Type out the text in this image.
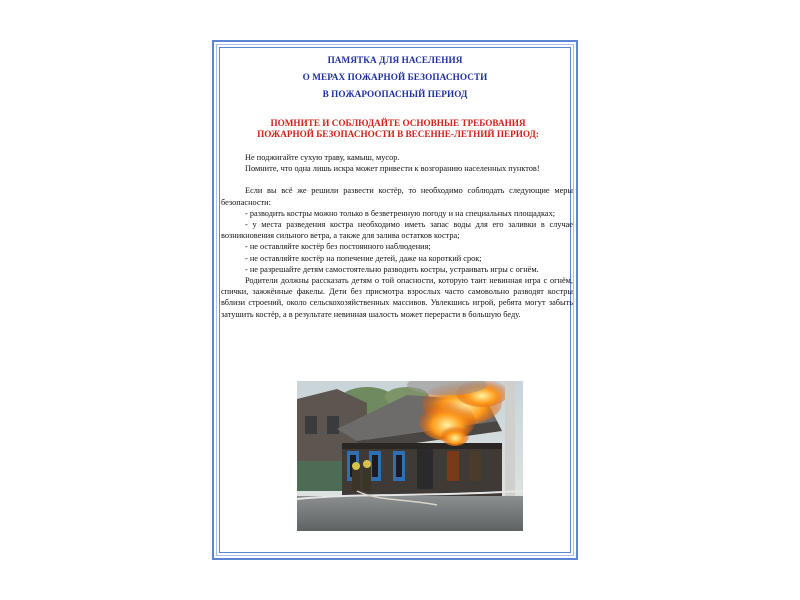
ПАМЯТКА ДЛЯ НАСЕЛЕНИЯ
О МЕРАХ ПОЖАРНОЙ БЕЗОПАСНОСТИ
В ПОЖАРООПАСНЫЙ ПЕРИОД
ПОМНИТЕ И СОБЛЮДАЙТЕ ОСНОВНЫЕ ТРЕБОВАНИЯ
ПОЖАРНОЙ БЕЗОПАСНОСТИ В ВЕСЕННЕ-ЛЕТНИЙ ПЕРИОД:

Не поджигайте сухую траву, камыш, мусор.

Помните, что одна лишь искра может привести к возгоранию населенных пунктов!

Если вы всё же решили развести костёр, то необходимо соблюдать следующие меры безопасности:

- разводить костры можно только в безветренную погоду и на специальных площадках;

- у места разведения костра необходимо иметь запас воды для его заливки в случае возникновения сильного ветра, а также для залива остатков костра;

- не оставляйте костёр без постоянного наблюдения;

- не оставляйте костёр на попечение детей, даже на короткий срок;

- не разрешайте детям самостоятельно разводить костры, устраивать игры с огнём.

Родители должны рассказать детям о той опасности, которую таит невинная игра с огнём, спички, зажжённые факелы. Дети без присмотра взрослых часто самовольно разводят костры вблизи строений, около сельскохозяйственных массивов. Увлекшись игрой, ребята могут забыть затушить костёр, а в результате невинная шалость может перерасти в большую беду.
